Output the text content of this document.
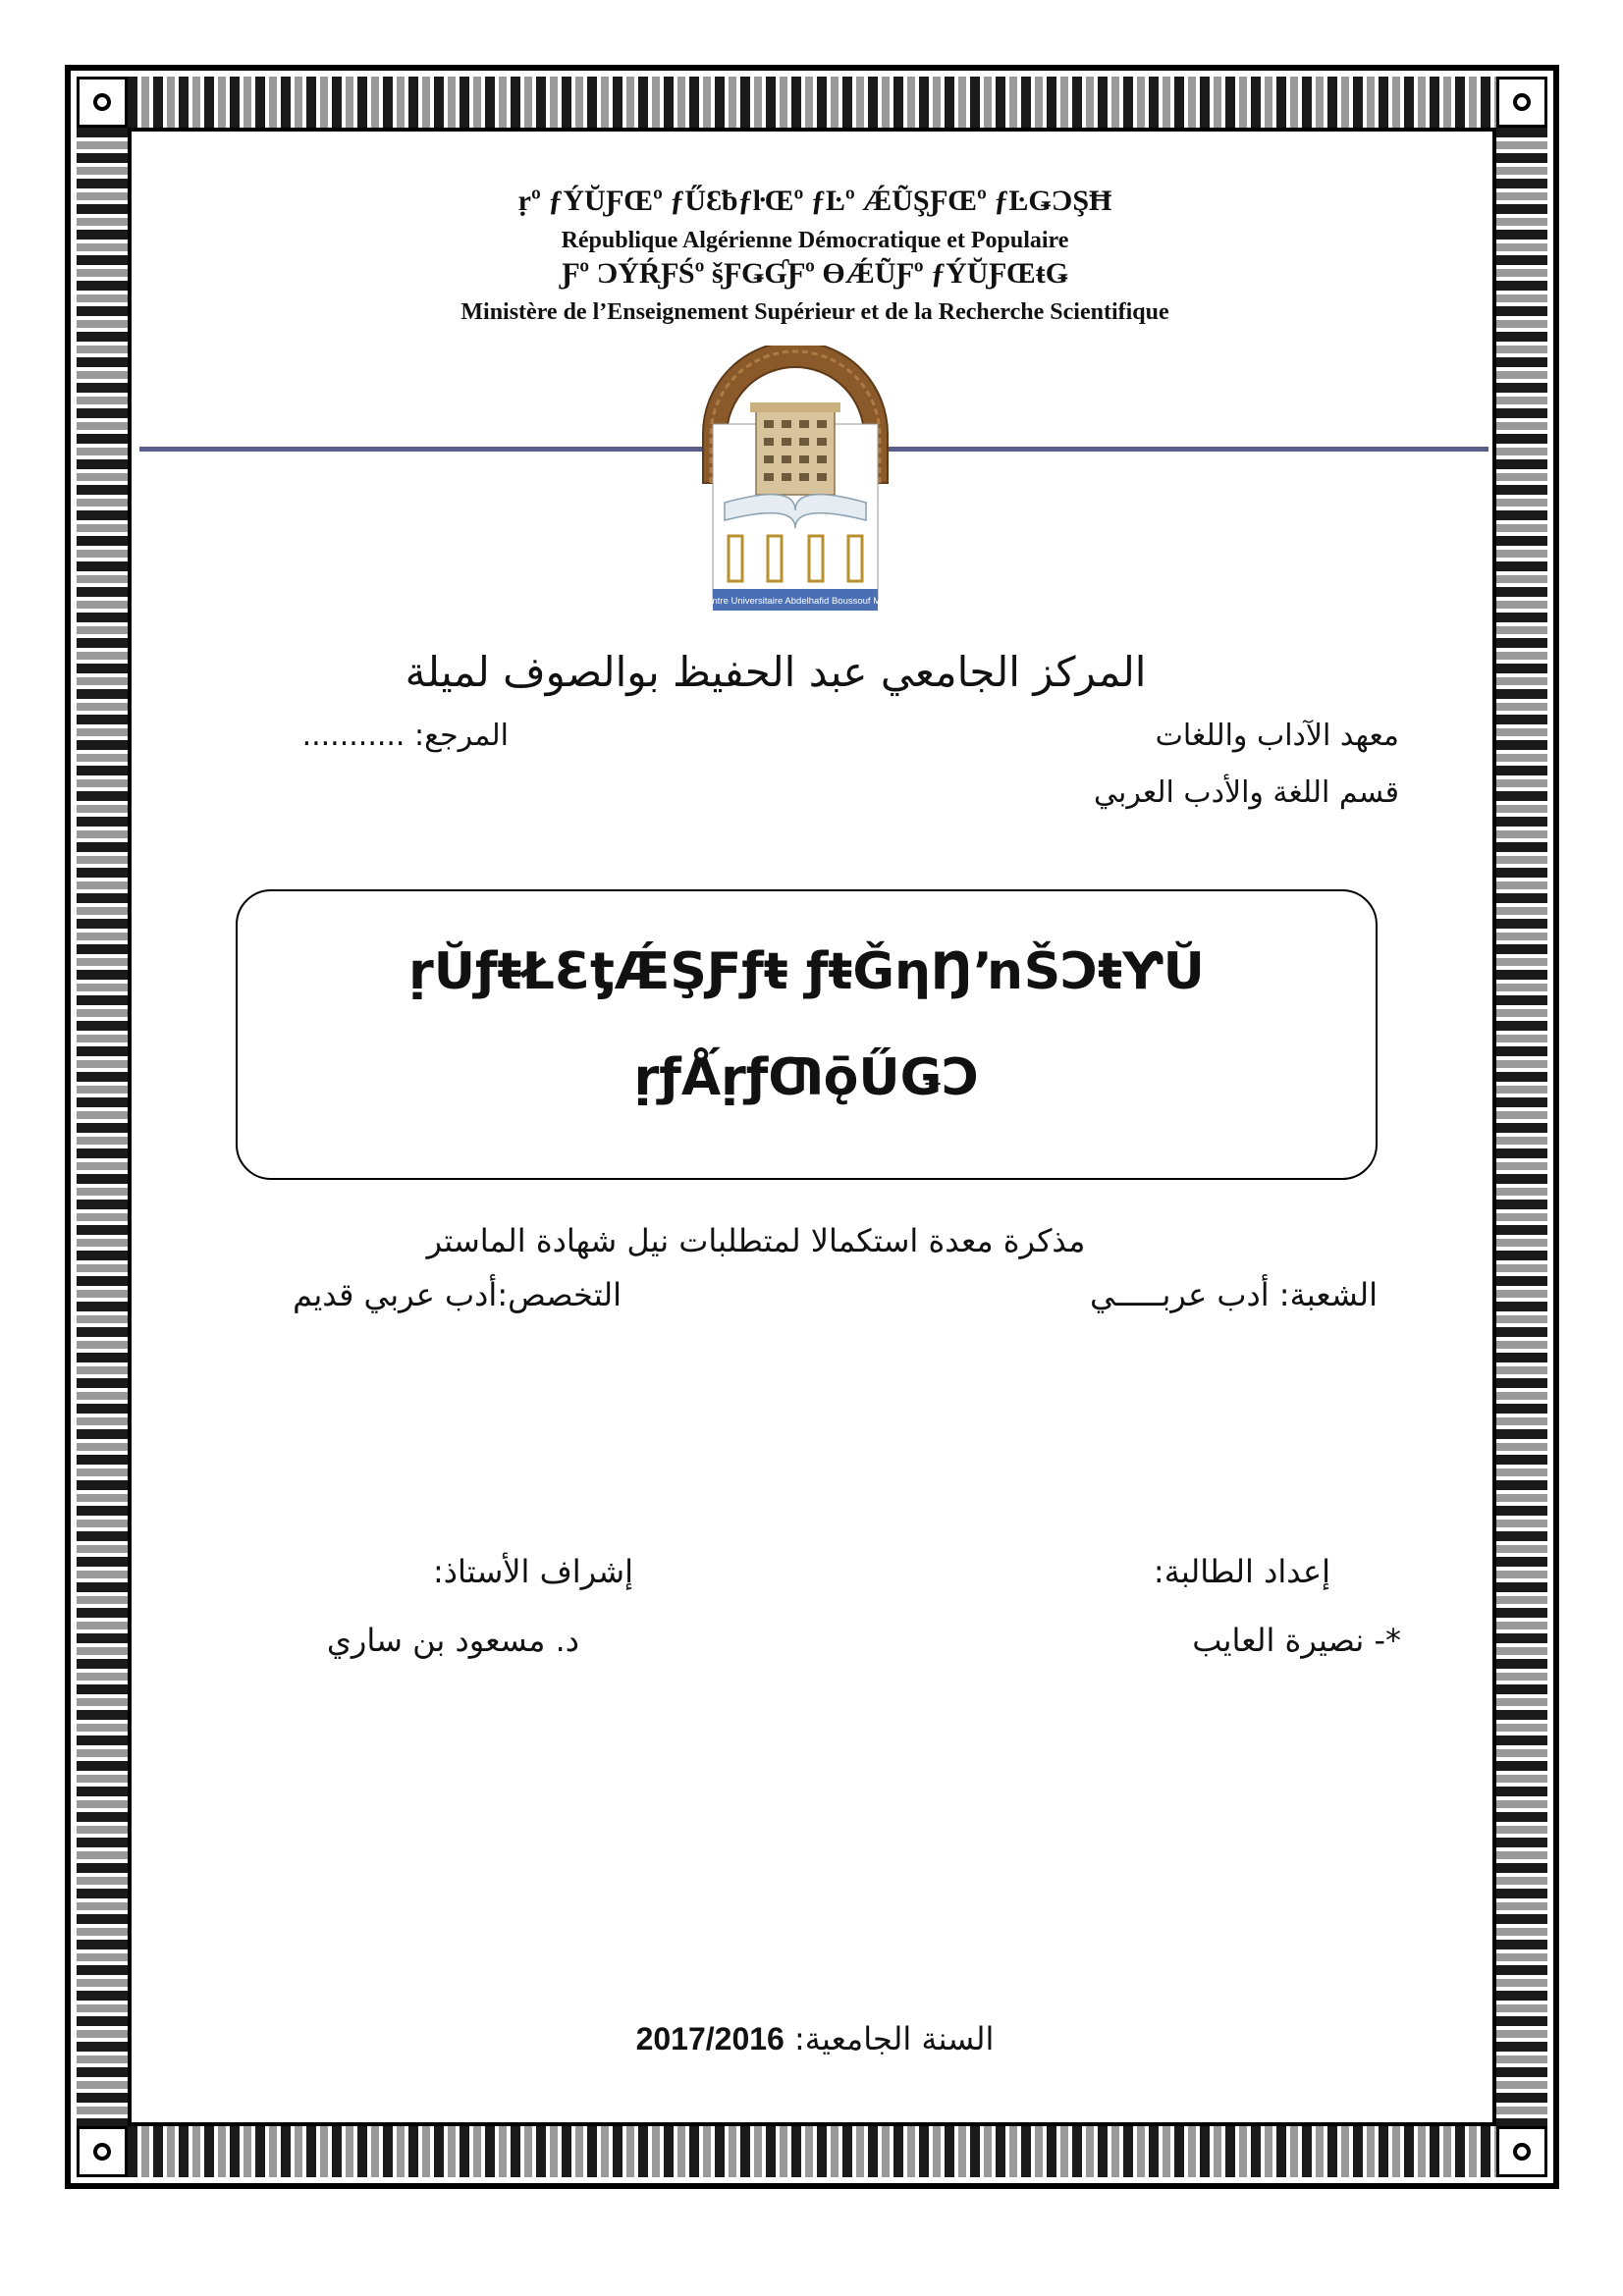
ṛº ƒÝŬƑŒº ƒŰƐƀƒŀŒº ƒĿº ǼŨŞƑŒº ƒĿǤƆŞĦ
République Algérienne Démocratique et Populaire
Ƒº ƆÝŔƑŚº šƑǤƓƑº ƟǼŨƑº ƒÝŬƑŒŧǤ
Ministère de l’Enseignement Supérieur et de la Recherche Scientifique
Centre Universitaire Abdelhafid Boussouf Mila
المركز الجامعي عبد الحفيظ بوالصوف لميلة
معهد الآداب واللغات
المرجع: ...........
قسم اللغة والأدب العربي
ṛŬƒŧŁƐƫǼŞƑƒŧ ƒŧǦƞŊŉŠƆŧƳŬ
ṛƒǺṛƒƢǭŰǤƆ
مذكرة معدة استكمالا لمتطلبات نيل شهادة الماستر
الشعبة: أدب عربـــــي
التخصص:أدب عربي قديم
إعداد الطالبة:
إشراف الأستاذ:
*- نصيرة العايب
د. مسعود بن ساري
السنة الجامعية: 2017/2016
